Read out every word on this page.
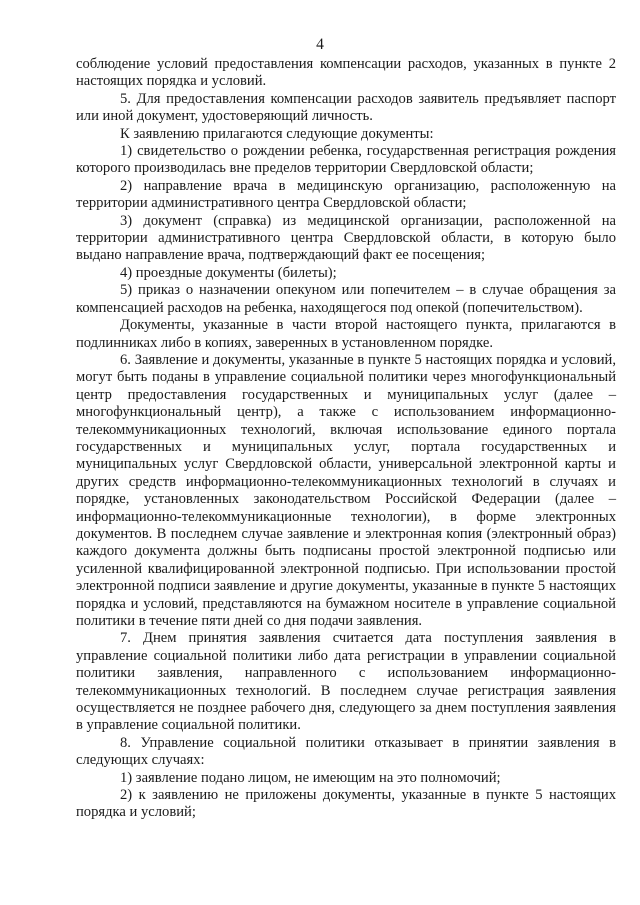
4

соблюдение условий предоставления компенсации расходов, указанных в пункте 2 настоящих порядка и условий.

5. Для предоставления компенсации расходов заявитель предъявляет паспорт или иной документ, удостоверяющий личность.

К заявлению прилагаются следующие документы:

1) свидетельство о рождении ребенка, государственная регистрация рождения которого производилась вне пределов территории Свердловской области;

2) направление врача в медицинскую организацию, расположенную на территории административного центра Свердловской области;

3) документ (справка) из медицинской организации, расположенной на территории административного центра Свердловской области, в которую было выдано направление врача, подтверждающий факт ее посещения;

4) проездные документы (билеты);

5) приказ о назначении опекуном или попечителем – в случае обращения за компенсацией расходов на ребенка, находящегося под опекой (попечительством).

Документы, указанные в части второй настоящего пункта, прилагаются в подлинниках либо в копиях, заверенных в установленном порядке.

6. Заявление и документы, указанные в пункте 5 настоящих порядка и условий, могут быть поданы в управление социальной политики через многофункциональный центр предоставления государственных и муниципальных услуг (далее – многофункциональный центр), а также с использованием информационно-телекоммуникационных технологий, включая использование единого портала государственных и муниципальных услуг, портала государственных и муниципальных услуг Свердловской области, универсальной электронной карты и других средств информационно-телекоммуникационных технологий в случаях и порядке, установленных законодательством Российской Федерации (далее – информационно-телекоммуникационные технологии), в форме электронных документов. В последнем случае заявление и электронная копия (электронный образ) каждого документа должны быть подписаны простой электронной подписью или усиленной квалифицированной электронной подписью. При использовании простой электронной подписи заявление и другие документы, указанные в пункте 5 настоящих порядка и условий, представляются на бумажном носителе в управление социальной политики в течение пяти дней со дня подачи заявления.

7. Днем принятия заявления считается дата поступления заявления в управление социальной политики либо дата регистрации в управлении социальной политики заявления, направленного с использованием информационно-телекоммуникационных технологий. В последнем случае регистрация заявления осуществляется не позднее рабочего дня, следующего за днем поступления заявления в управление социальной политики.

8. Управление социальной политики отказывает в принятии заявления в следующих случаях:

1) заявление подано лицом, не имеющим на это полномочий;

2) к заявлению не приложены документы, указанные в пункте 5 настоящих порядка и условий;
